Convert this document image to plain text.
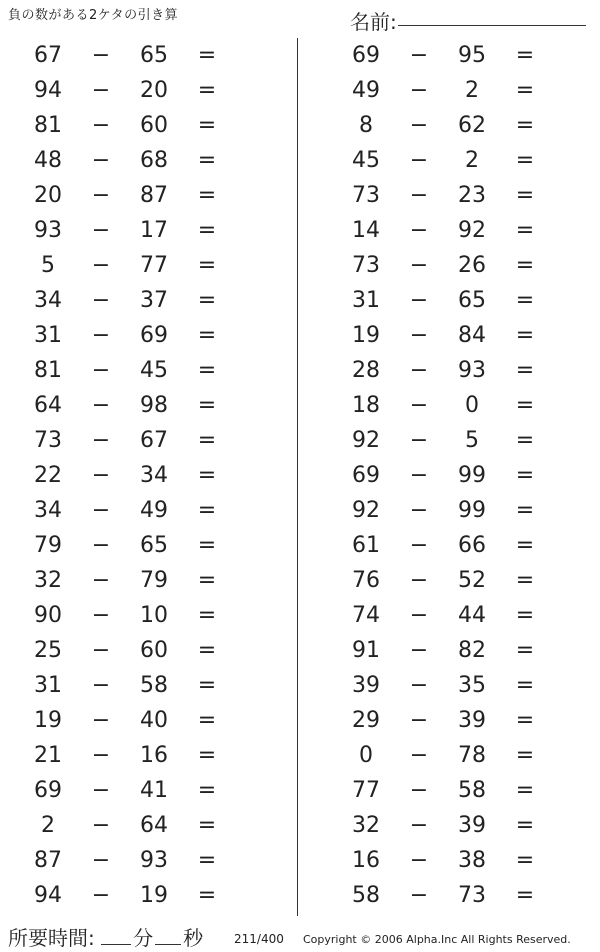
負の数がある2ケタの引き算	名前:
67	−	65	=
94	−	20	=
81	−	60	=
48	−	68	=
20	−	87	=
93	−	17	=
5	−	77	=
34	−	37	=
31	−	69	=
81	−	45	=
64	−	98	=
73	−	67	=
22	−	34	=
34	−	49	=
79	−	65	=
32	−	79	=
90	−	10	=
25	−	60	=
31	−	58	=
19	−	40	=
21	−	16	=
69	−	41	=
2	−	64	=
87	−	93	=
94	−	19	=
69	−	95	=
49	−	2	=
8	−	62	=
45	−	2	=
73	−	23	=
14	−	92	=
73	−	26	=
31	−	65	=
19	−	84	=
28	−	93	=
18	−	0	=
92	−	5	=
69	−	99	=
92	−	99	=
61	−	66	=
76	−	52	=
74	−	44	=
91	−	82	=
39	−	35	=
29	−	39	=
0	−	78	=
77	−	58	=
32	−	39	=
16	−	38	=
58	−	73	=
所要時間: 分 秒	211/400 Copyright © 2006 Alpha.Inc All Rights Reserved.
